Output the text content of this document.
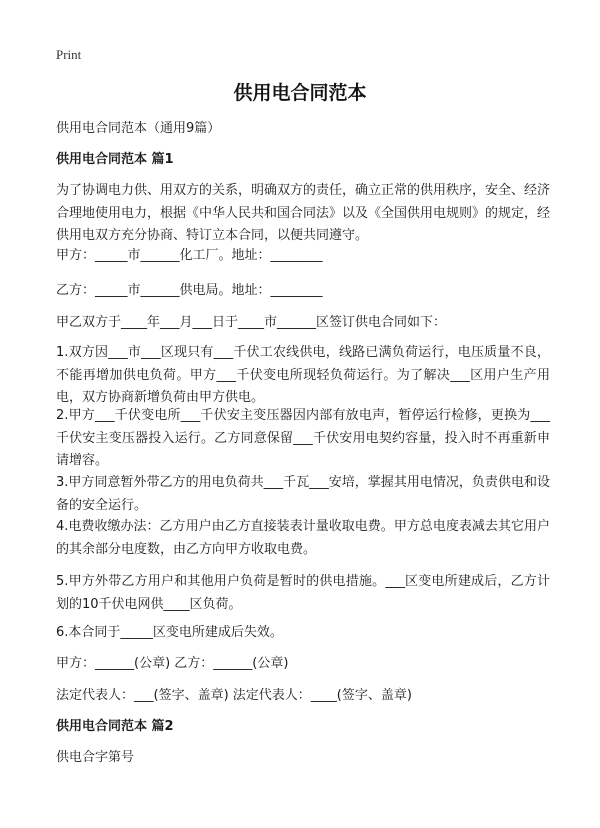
Print
供用电合同范本
供用电合同范本（通用9篇）
供用电合同范本 篇1
为了协调电力供、用双方的关系，明确双方的责任，确立正常的供用秩序，安全、经济合理地使用电力，根据《中华人民共和国合同法》以及《全国供用电规则》的规定，经供用电双方充分协商、特订立本合同，以便共同遵守。
甲方：_____市______化工厂。地址：________
乙方：_____市______供电局。地址：________
甲乙双方于____年___月___日于____市______区签订供电合同如下：
1.双方因___市___区现只有___千伏工农线供电，线路已满负荷运行，电压质量不良，不能再增加供电负荷。甲方___千伏变电所现轻负荷运行。为了解决___区用户生产用电，双方协商新增负荷由甲方供电。
2.甲方___千伏变电所___千伏安主变压器因内部有放电声，暂停运行检修，更换为___千伏安主变压器投入运行。乙方同意保留___千伏安用电契约容量，投入时不再重新申请增容。
3.甲方同意暂外带乙方的用电负荷共___千瓦___安培，掌握其用电情况，负责供电和设备的安全运行。
4.电费收缴办法：乙方用户由乙方直接装表计量收取电费。甲方总电度表减去其它用户的其余部分电度数，由乙方向甲方收取电费。
5.甲方外带乙方用户和其他用户负荷是暂时的供电措施。___区变电所建成后，乙方计划的10千伏电网供____区负荷。
6.本合同于_____区变电所建成后失效。
甲方：______(公章) 乙方：______(公章)
法定代表人：___(签字、盖章) 法定代表人：____(签字、盖章)
供用电合同范本 篇2
供电合字第号
